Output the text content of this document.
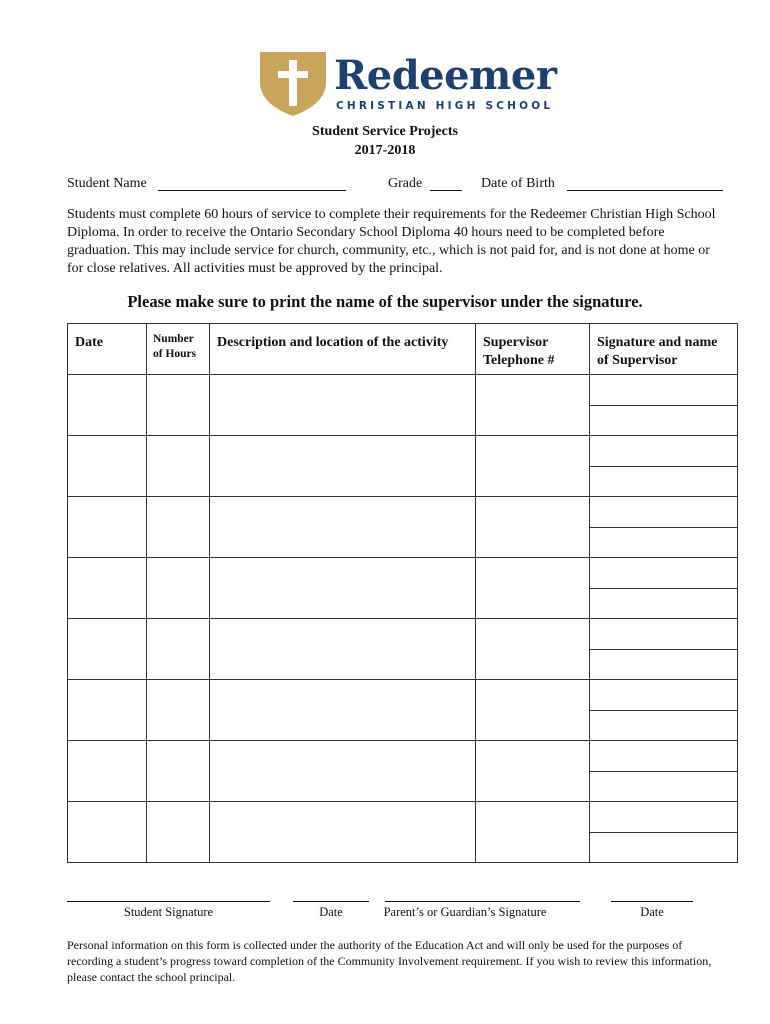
Redeemer
CHRISTIAN HIGH SCHOOL
Student Service Projects
2017-2018
Student Name	Grade	Date of Birth
Students must complete 60 hours of service to complete their requirements for the Redeemer Christian High School Diploma. In order to receive the Ontario Secondary School Diploma 40 hours need to be completed before graduation. This may include service for church, community, etc., which is not paid for, and is not done at home or for close relatives. All activities must be approved by the principal.
Please make sure to print the name of the supervisor under the signature.
Date	Number of Hours	Description and location of the activity	Supervisor Telephone #	Signature and name of Supervisor

Student Signature	Date	Parent’s or Guardian’s Signature	Date
Personal information on this form is collected under the authority of the Education Act and will only be used for the purposes of recording a student’s progress toward completion of the Community Involvement requirement. If you wish to review this information, please contact the school principal.
